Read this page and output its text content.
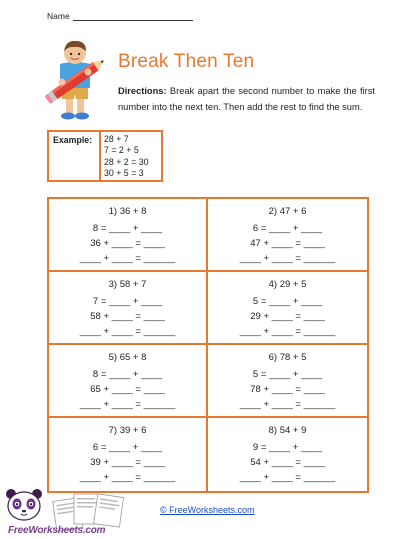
Name
Break Then Ten
Directions: Break apart the second number to make the first number into the next ten. Then add the rest to find the sum.
Example:	28 + 7
7 = 2 + 5
28 + 2 = 30
30 + 5 = 3
1) 36 + 8
8 = ____ + ____
36 + ____ = ____
____ + ____ = ______
2) 47 + 6
6 = ____ + ____
47 + ____ = ____
____ + ____ = ______
3) 58 + 7
7 = ____ + ____
58 + ____ = ____
____ + ____ = ______
4) 29 + 5
5 = ____ + ____
29 + ____ = ____
____ + ____ = ______
5) 65 + 8
8 = ____ + ____
65 + ____ = ____
____ + ____ = ______
6) 78 + 5
5 = ____ + ____
78 + ____ = ____
____ + ____ = ______
7) 39 + 6
6 = ____ + ____
39 + ____ = ____
____ + ____ = ______
8) 54 + 9
9 = ____ + ____
54 + ____ = ____
____ + ____ = ______
FreeWorksheets.com
© FreeWorksheets.com
